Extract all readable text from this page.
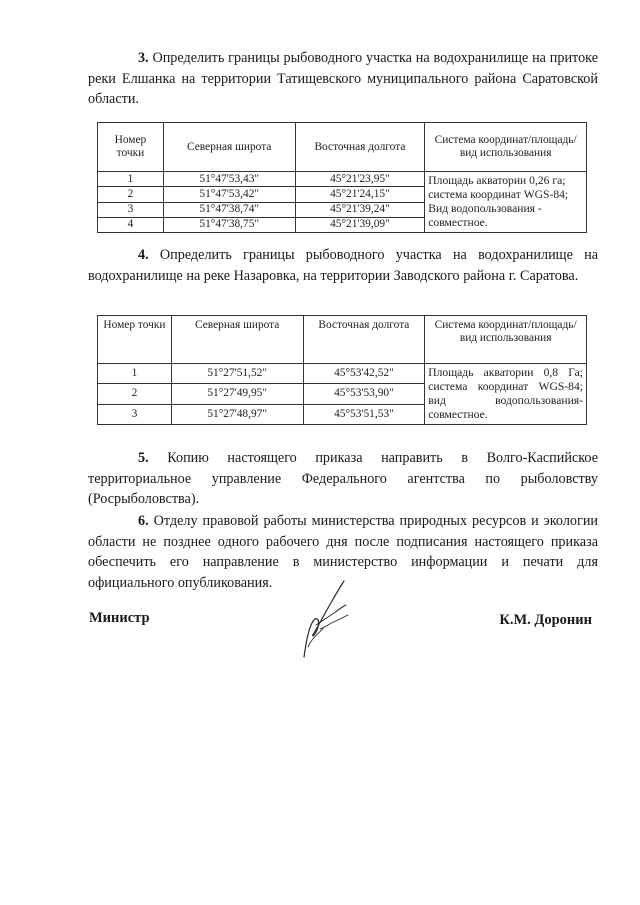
3. Определить границы рыбоводного участка на водохранилище на притоке реки Елшанка на территории Татищевского муниципального района Саратовской области.
Номер точки	Северная широта	Восточная долгота	Система координат/площадь/вид использования
1	51°47'53,43"	45°21'23,95"	Площадь акватории 0,26 га; система координат WGS-84; Вид водопользования - совместное.
2	51°47'53,42"	45°21'24,15"	
3	51°47'38,74"	45°21'39,24"	
4	51°47'38,75"	45°21'39,09"	
4. Определить границы рыбоводного участка на водохранилище на водохранилище на реке Назаровка, на территории Заводского района г. Саратова.
Номер точки	Северная широта	Восточная долгота	Система координат/площадь/вид использования
1	51°27'51,52"	45°53'42,52"	Площадь акватории 0,8 Га; система координат WGS-84; вид водопользования-совместное.
2	51°27'49,95"	45°53'53,90"	
3	51°27'48,97"	45°53'51,53"	
5. Копию настоящего приказа направить в Волго-Каспийское территориальное управление Федерального агентства по рыболовству (Росрыболовства).
6. Отделу правовой работы министерства природных ресурсов и экологии области не позднее одного рабочего дня после подписания настоящего приказа обеспечить его направление в министерство информации и печати для официального опубликования.
Министр	К.М. Доронин
